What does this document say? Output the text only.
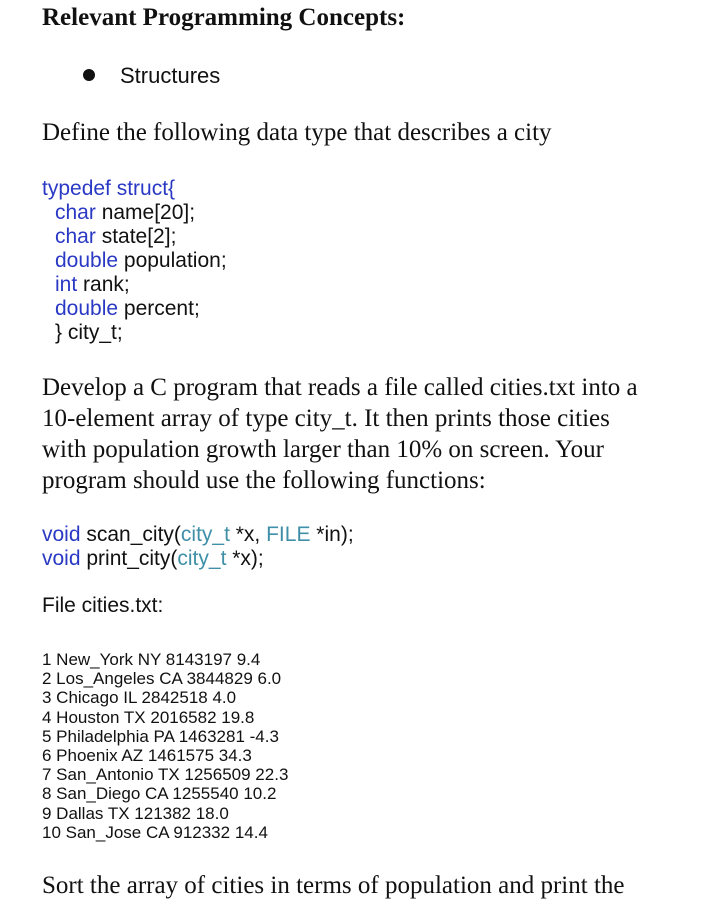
Relevant Programming Concepts:
Structures
Define the following data type that describes a city
typedef struct{
char name[20];
char state[2];
double population;
int rank;
double percent;
} city_t;

Develop a C program that reads a file called cities.txt into a

10-element array of type city_t. It then prints those cities

with population growth larger than 10% on screen. Your

program should use the following functions:

void scan_city(city_t *x, FILE *in);
void print_city(city_t *x);
File cities.txt:
1 New_York NY 8143197 9.4
2 Los_Angeles CA 3844829 6.0
3 Chicago IL 2842518 4.0
4 Houston TX 2016582 19.8
5 Philadelphia PA 1463281 -4.3
6 Phoenix AZ 1461575 34.3
7 San_Antonio TX 1256509 22.3
8 San_Diego CA 1255540 10.2
9 Dallas TX 121382 18.0
10 San_Jose CA 912332 14.4
Sort the array of cities in terms of population and print the
